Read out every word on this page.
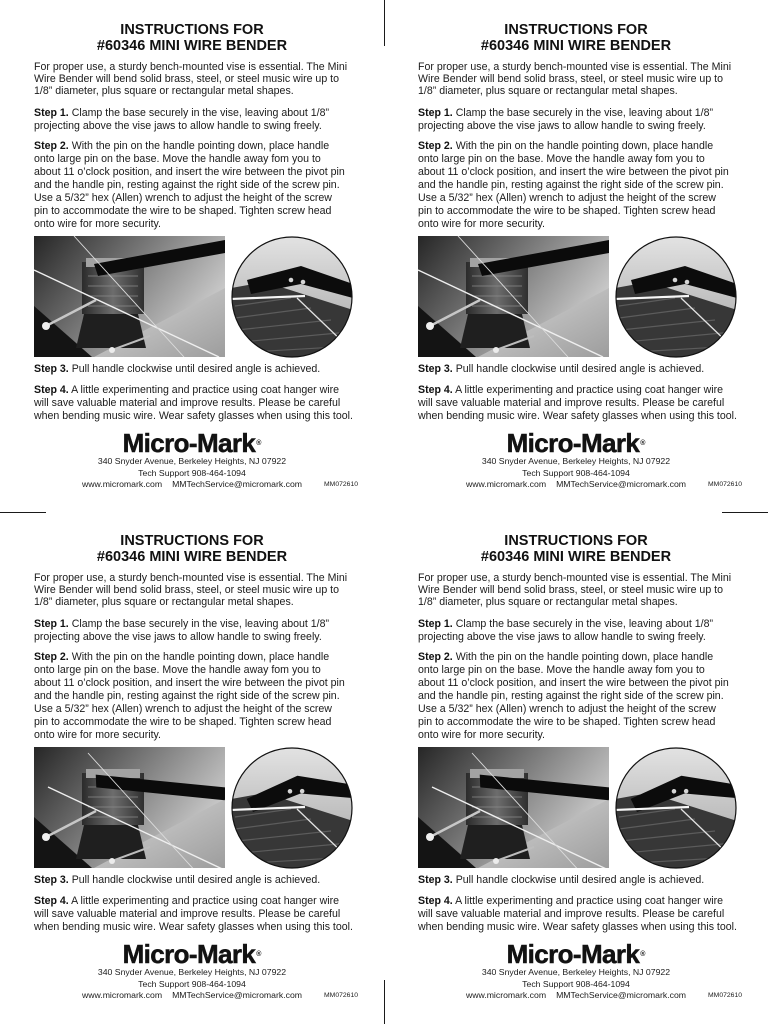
INSTRUCTIONS FOR
#60346 MINI WIRE BENDER
For proper use, a sturdy bench-mounted vise is essential. The Mini
Wire Bender will bend solid brass, steel, or steel music wire up to
1/8” diameter, plus square or rectangular metal shapes.
Step 1. Clamp the base securely in the vise, leaving about 1/8”
projecting above the vise jaws to allow handle to swing freely.
Step 2. With the pin on the handle pointing down, place handle
onto large pin on the base. Move the handle away fom you to
about 11 o’clock position, and insert the wire between the pivot pin
and the handle pin, resting against the right side of the screw pin.
Use a 5/32” hex (Allen) wrench to adjust the height of the screw
pin to accommodate the wire to be shaped. Tighten screw head
onto wire for more security.
Step 3. Pull handle clockwise until desired angle is achieved.
Step 4. A little experimenting and practice using coat hanger wire
will save valuable material and improve results. Please be careful
when bending music wire. Wear safety glasses when using this tool.
Micro-Mark®
340 Snyder Avenue, Berkeley Heights, NJ 07922
Tech Support 908-464-1094
www.micromark.com MMTechService@micromark.com	MM072610
INSTRUCTIONS FOR
#60346 MINI WIRE BENDER
For proper use, a sturdy bench-mounted vise is essential. The Mini
Wire Bender will bend solid brass, steel, or steel music wire up to
1/8” diameter, plus square or rectangular metal shapes.
Step 1. Clamp the base securely in the vise, leaving about 1/8”
projecting above the vise jaws to allow handle to swing freely.
Step 2. With the pin on the handle pointing down, place handle
onto large pin on the base. Move the handle away fom you to
about 11 o’clock position, and insert the wire between the pivot pin
and the handle pin, resting against the right side of the screw pin.
Use a 5/32” hex (Allen) wrench to adjust the height of the screw
pin to accommodate the wire to be shaped. Tighten screw head
onto wire for more security.
Step 3. Pull handle clockwise until desired angle is achieved.
Step 4. A little experimenting and practice using coat hanger wire
will save valuable material and improve results. Please be careful
when bending music wire. Wear safety glasses when using this tool.
Micro-Mark®
340 Snyder Avenue, Berkeley Heights, NJ 07922
Tech Support 908-464-1094
www.micromark.com MMTechService@micromark.com	MM072610
INSTRUCTIONS FOR
#60346 MINI WIRE BENDER
For proper use, a sturdy bench-mounted vise is essential. The Mini
Wire Bender will bend solid brass, steel, or steel music wire up to
1/8” diameter, plus square or rectangular metal shapes.
Step 1. Clamp the base securely in the vise, leaving about 1/8”
projecting above the vise jaws to allow handle to swing freely.
Step 2. With the pin on the handle pointing down, place handle
onto large pin on the base. Move the handle away fom you to
about 11 o’clock position, and insert the wire between the pivot pin
and the handle pin, resting against the right side of the screw pin.
Use a 5/32” hex (Allen) wrench to adjust the height of the screw
pin to accommodate the wire to be shaped. Tighten screw head
onto wire for more security.
Step 3. Pull handle clockwise until desired angle is achieved.
Step 4. A little experimenting and practice using coat hanger wire
will save valuable material and improve results. Please be careful
when bending music wire. Wear safety glasses when using this tool.
Micro-Mark®
340 Snyder Avenue, Berkeley Heights, NJ 07922
Tech Support 908-464-1094
www.micromark.com MMTechService@micromark.com	MM072610
INSTRUCTIONS FOR
#60346 MINI WIRE BENDER
For proper use, a sturdy bench-mounted vise is essential. The Mini
Wire Bender will bend solid brass, steel, or steel music wire up to
1/8” diameter, plus square or rectangular metal shapes.
Step 1. Clamp the base securely in the vise, leaving about 1/8”
projecting above the vise jaws to allow handle to swing freely.
Step 2. With the pin on the handle pointing down, place handle
onto large pin on the base. Move the handle away fom you to
about 11 o’clock position, and insert the wire between the pivot pin
and the handle pin, resting against the right side of the screw pin.
Use a 5/32” hex (Allen) wrench to adjust the height of the screw
pin to accommodate the wire to be shaped. Tighten screw head
onto wire for more security.
Step 3. Pull handle clockwise until desired angle is achieved.
Step 4. A little experimenting and practice using coat hanger wire
will save valuable material and improve results. Please be careful
when bending music wire. Wear safety glasses when using this tool.
Micro-Mark®
340 Snyder Avenue, Berkeley Heights, NJ 07922
Tech Support 908-464-1094
www.micromark.com MMTechService@micromark.com	MM072610
